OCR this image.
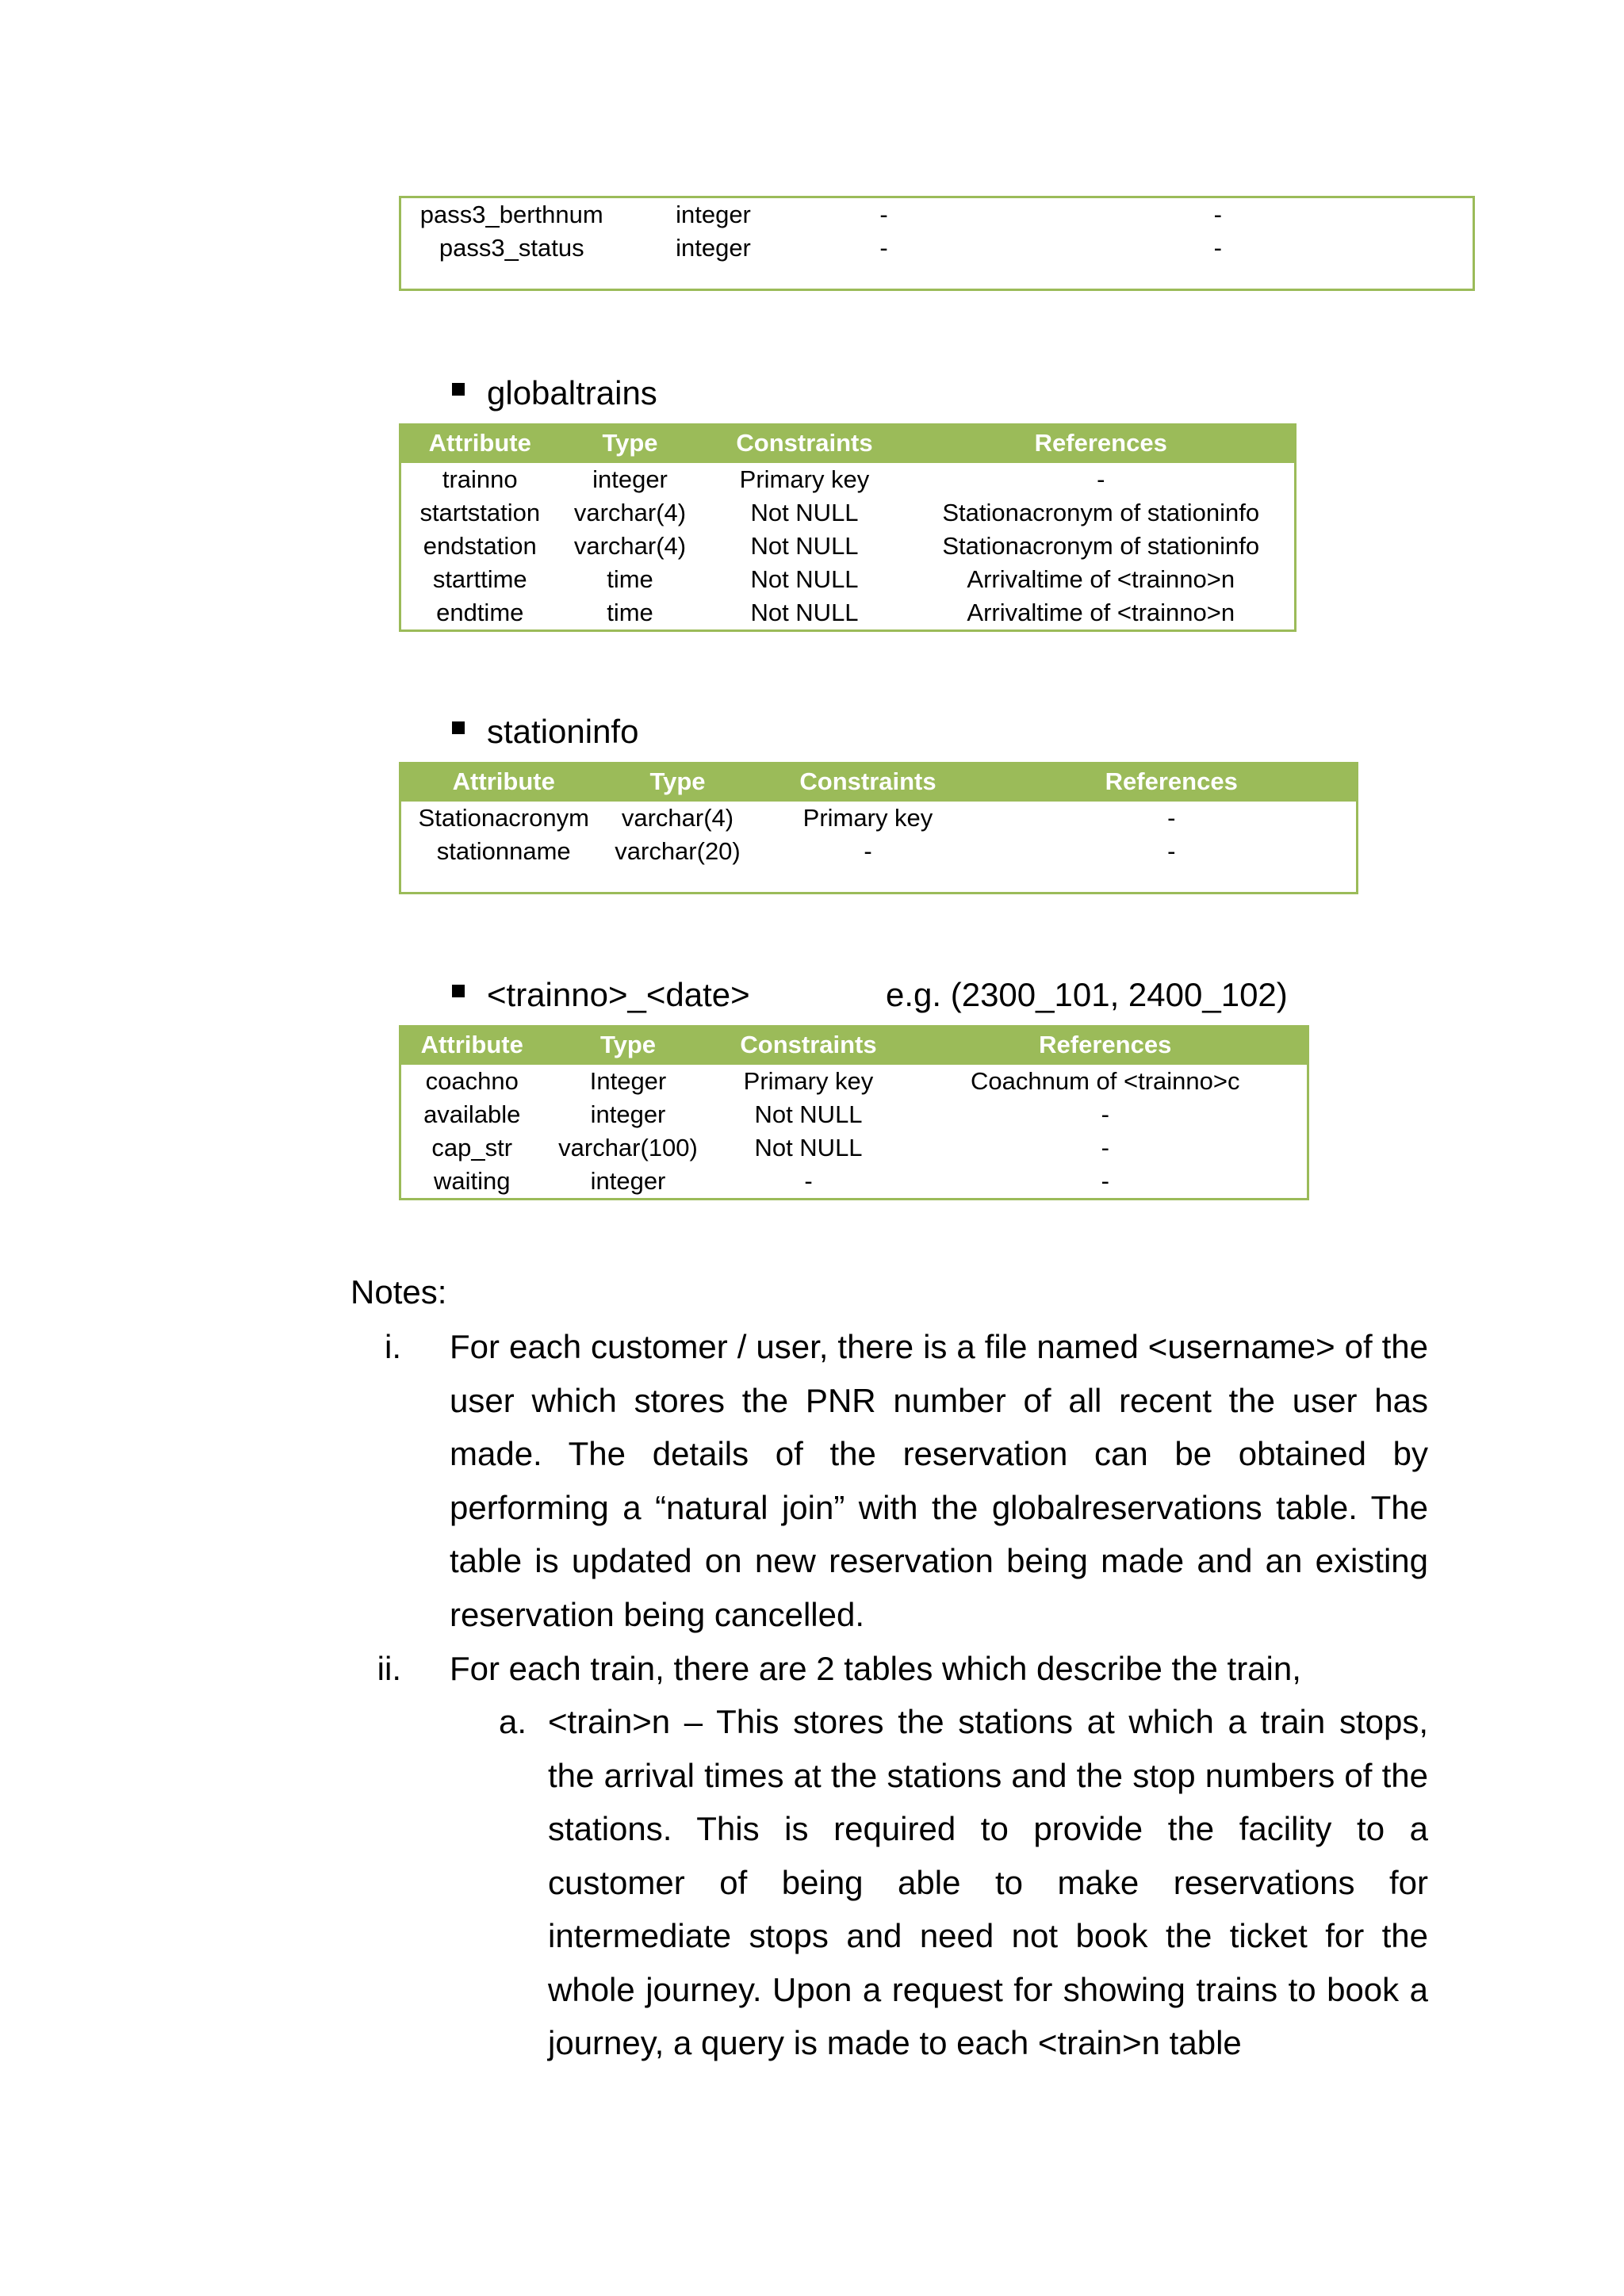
pass3_berthnum	integer	-	-
pass3_status	integer	-	-

globaltrains
Attribute	Type	Constraints	References
trainno	integer	Primary key	-
startstation	varchar(4)	Not NULL	Stationacronym of stationinfo
endstation	varchar(4)	Not NULL	Stationacronym of stationinfo
starttime	time	Not NULL	Arrivaltime of <trainno>n
endtime	time	Not NULL	Arrivaltime of <trainno>n
stationinfo
Attribute	Type	Constraints	References
Stationacronym	varchar(4)	Primary key	-
stationname	varchar(20)	-	-

<trainno>_<date>	e.g. (2300_101, 2400_102)
Attribute	Type	Constraints	References
coachno	Integer	Primary key	Coachnum of <trainno>c
available	integer	Not NULL	-
cap_str	varchar(100)	Not NULL	-
waiting	integer	-	-
Notes:
i. For each customer / user, there is a file named <username> of the user which stores the PNR number of all recent the user has made. The details of the reservation can be obtained by performing a “natural join” with the globalreservations table. The table is updated on new reservation being made and an existing reservation being cancelled.
ii. For each train, there are 2 tables which describe the train,
a. <train>n – This stores the stations at which a train stops, the arrival times at the stations and the stop numbers of the stations. This is required to provide the facility to a customer of being able to make reservations for intermediate stops and need not book the ticket for the whole journey. Upon a request for showing trains to book a journey, a query is made to each <train>n table
